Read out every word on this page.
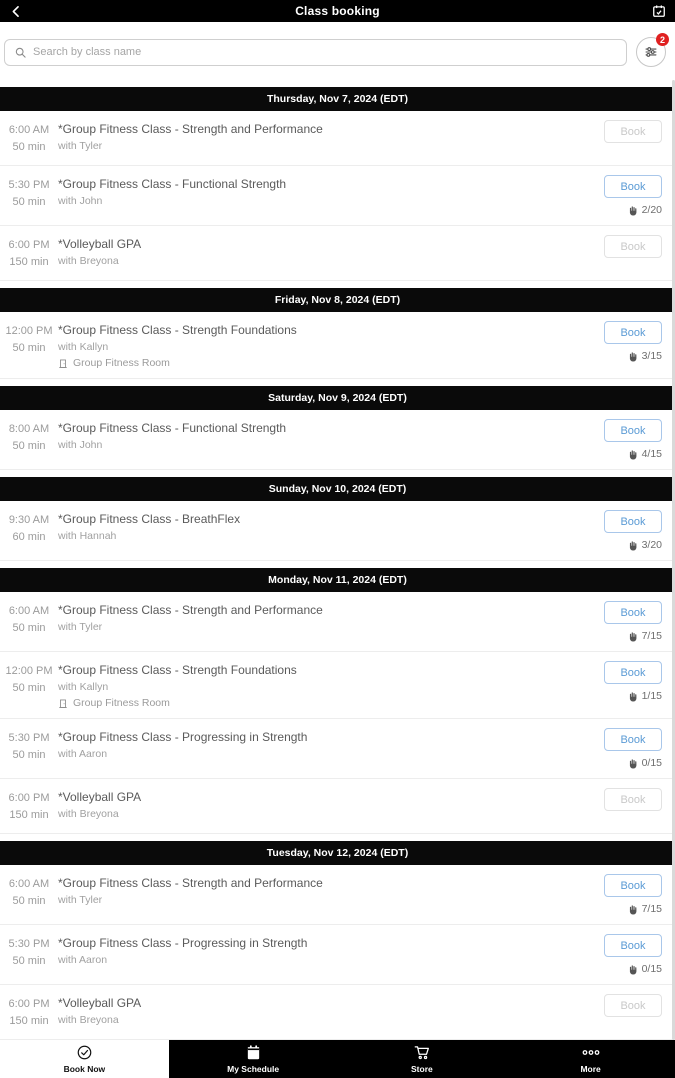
Class booking
Search by class name
2
Thursday, Nov 7, 2024 (EDT)
6:00 AM
50 min
*Group Fitness Class - Strength and Performance
with Tyler
Book
5:30 PM
50 min
*Group Fitness Class - Functional Strength
with John
Book
2/20
6:00 PM
150 min
*Volleyball GPA
with Breyona
Book
Friday, Nov 8, 2024 (EDT)
12:00 PM
50 min
*Group Fitness Class - Strength Foundations
with Kallyn
Group Fitness Room
Book
3/15
Saturday, Nov 9, 2024 (EDT)
8:00 AM
50 min
*Group Fitness Class - Functional Strength
with John
Book
4/15
Sunday, Nov 10, 2024 (EDT)
9:30 AM
60 min
*Group Fitness Class - BreathFlex
with Hannah
Book
3/20
Monday, Nov 11, 2024 (EDT)
6:00 AM
50 min
*Group Fitness Class - Strength and Performance
with Tyler
Book
7/15
12:00 PM
50 min
*Group Fitness Class - Strength Foundations
with Kallyn
Group Fitness Room
Book
1/15
5:30 PM
50 min
*Group Fitness Class - Progressing in Strength
with Aaron
Book
0/15
6:00 PM
150 min
*Volleyball GPA
with Breyona
Book
Tuesday, Nov 12, 2024 (EDT)
6:00 AM
50 min
*Group Fitness Class - Strength and Performance
with Tyler
Book
7/15
5:30 PM
50 min
*Group Fitness Class - Progressing in Strength
with Aaron
Book
0/15
6:00 PM
150 min
*Volleyball GPA
with Breyona
Book
Book Now	My Schedule	Store	More
